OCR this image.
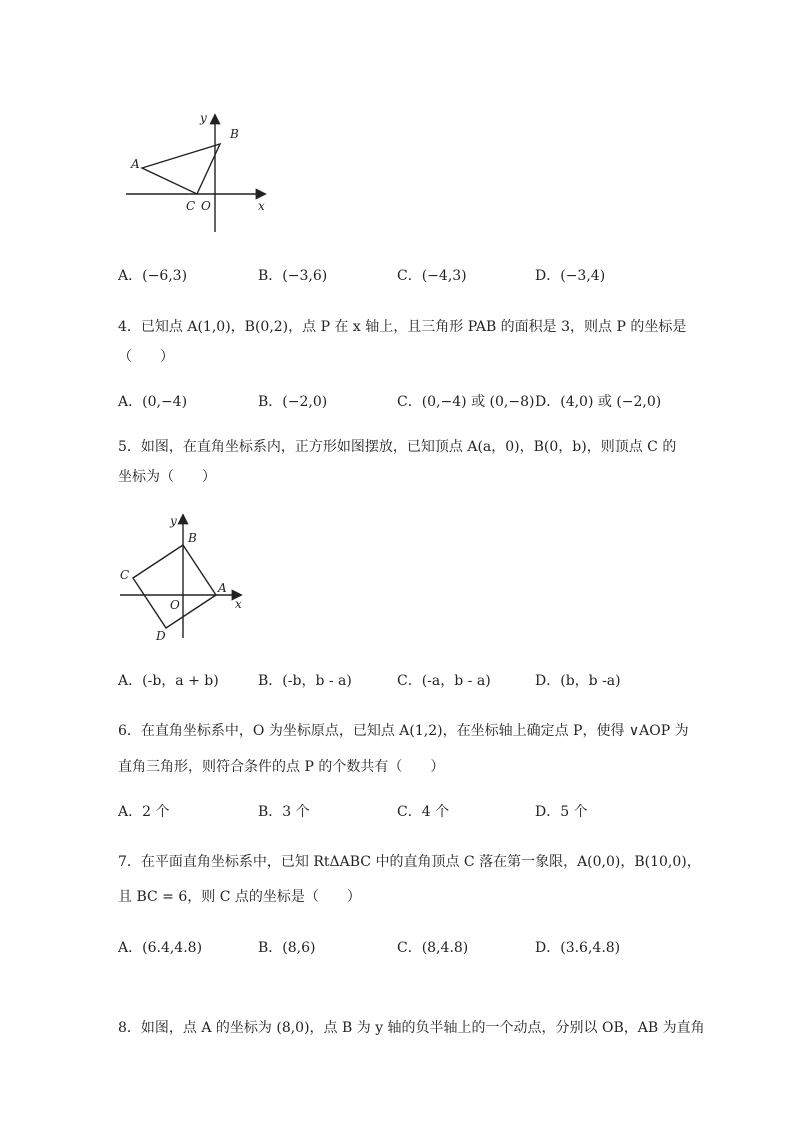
y
B
A
C O	x
A．(−6,3)	B．(−3,6)	C．(−4,3)	D．(−3,4)
4．已知点 A(1,0)，B(0,2)，点 P 在 x 轴上，且三角形 PAB 的面积是 3，则点 P 的坐标是
（　　）
A．(0,−4)	B．(−2,0)	C．(0,−4) 或 (0,−8) D．(4,0) 或 (−2,0)
5．如图，在直角坐标系内，正方形如图摆放，已知顶点 A(a，0)，B(0，b)，则顶点 C 的
坐标为（　　）
y
B
C
A
O	x
D
A．(-b，a + b)	B．(-b，b - a)	C．(-a，b - a)	D．(b，b -a)
6．在直角坐标系中，O 为坐标原点，已知点 A(1,2)，在坐标轴上确定点 P，使得 ∨AOP 为
直角三角形，则符合条件的点 P 的个数共有（　　）
A．2 个	B．3 个	C．4 个	D．5 个
7．在平面直角坐标系中，已知 RtΔABC 中的直角顶点 C 落在第一象限，A(0,0)，B(10,0)，
且 BC = 6，则 C 点的坐标是（　　）
A．(6.4,4.8)	B．(8,6)	C．(8,4.8)	D．(3.6,4.8)
8．如图，点 A 的坐标为 (8,0)，点 B 为 y 轴的负半轴上的一个动点，分别以 OB，AB 为直角
